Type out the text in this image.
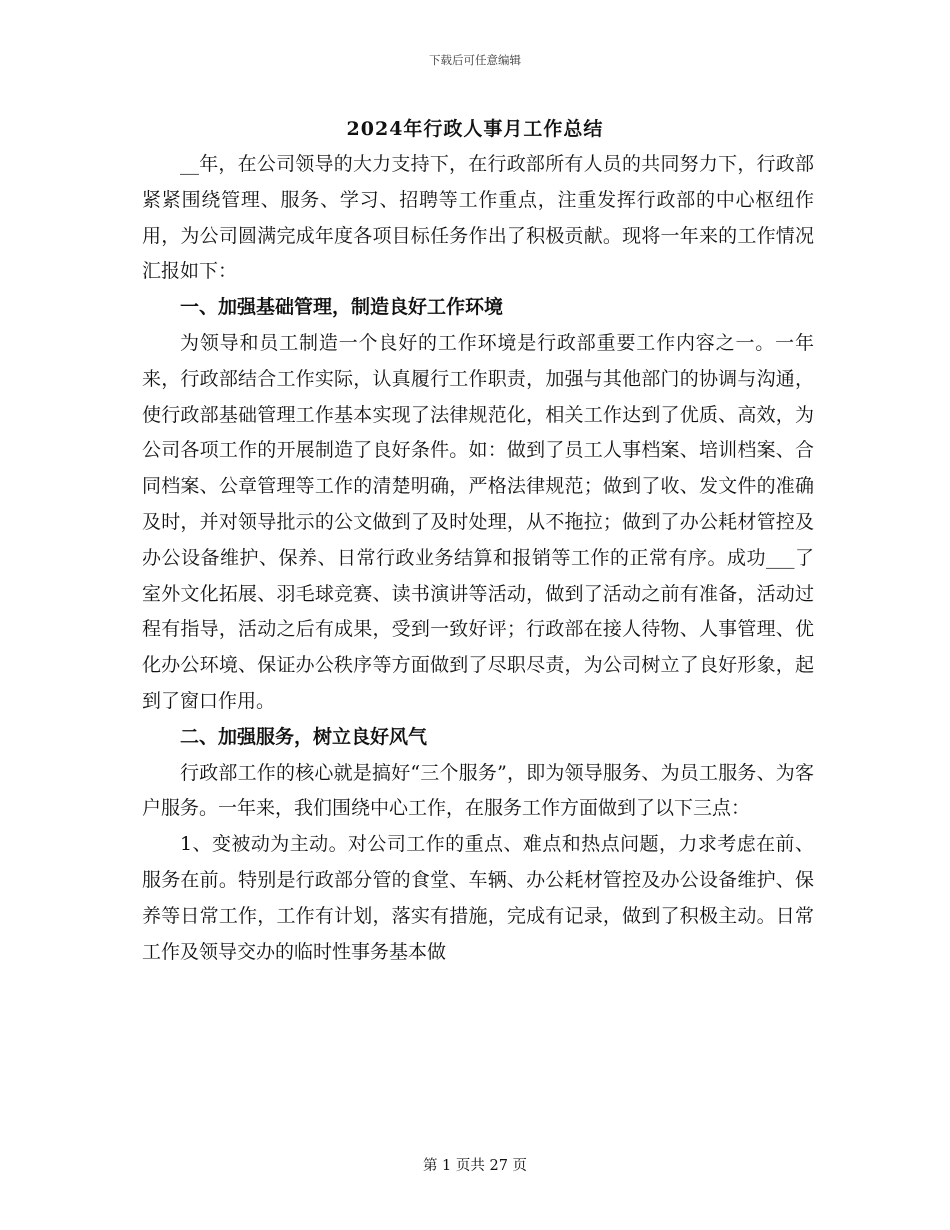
下载后可任意编辑
2024年行政人事月工作总结

__年，在公司领导的大力支持下，在行政部所有人员的共同努力下，行政部紧紧围绕管理、服务、学习、招聘等工作重点，注重发挥行政部的中心枢纽作用，为公司圆满完成年度各项目标任务作出了积极贡献。现将一年来的工作情况汇报如下：

一、加强基础管理，制造良好工作环境

为领导和员工制造一个良好的工作环境是行政部重要工作内容之一。一年来，行政部结合工作实际，认真履行工作职责，加强与其他部门的协调与沟通，使行政部基础管理工作基本实现了法律规范化，相关工作达到了优质、高效，为公司各项工作的开展制造了良好条件。如：做到了员工人事档案、培训档案、合同档案、公章管理等工作的清楚明确，严格法律规范；做到了收、发文件的准确及时，并对领导批示的公文做到了及时处理，从不拖拉；做到了办公耗材管控及办公设备维护、保养、日常行政业务结算和报销等工作的正常有序。成功___了室外文化拓展、羽毛球竞赛、读书演讲等活动，做到了活动之前有准备，活动过程有指导，活动之后有成果，受到一致好评；行政部在接人待物、人事管理、优化办公环境、保证办公秩序等方面做到了尽职尽责，为公司树立了良好形象，起到了窗口作用。

二、加强服务，树立良好风气

行政部工作的核心就是搞好“三个服务”，即为领导服务、为员工服务、为客户服务。一年来，我们围绕中心工作，在服务工作方面做到了以下三点：

1、变被动为主动。对公司工作的重点、难点和热点问题，力求考虑在前、服务在前。特别是行政部分管的食堂、车辆、办公耗材管控及办公设备维护、保养等日常工作，工作有计划，落实有措施，完成有记录，做到了积极主动。日常工作及领导交办的临时性事务基本做

第 1 页共 27 页
